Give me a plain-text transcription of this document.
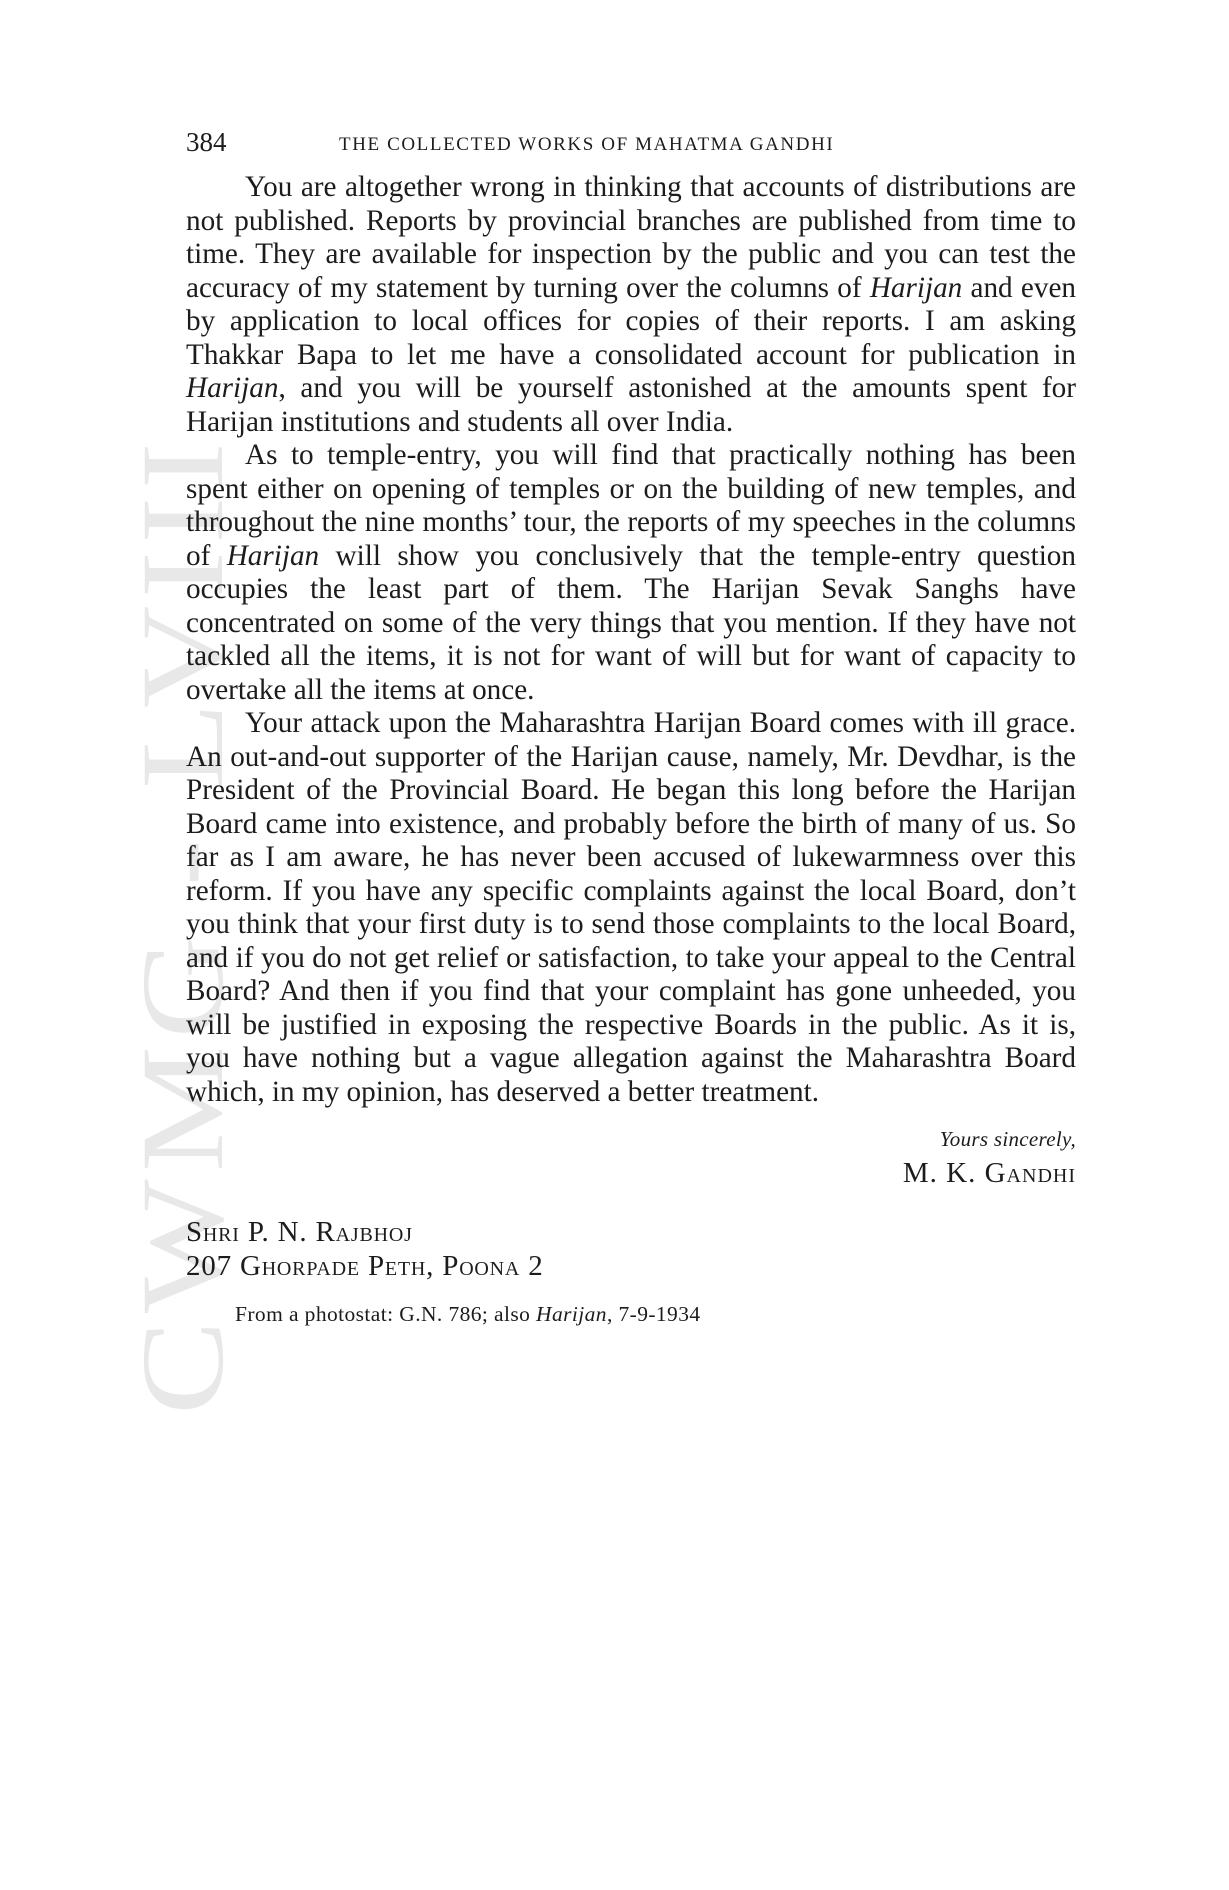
CWMG - LVIII
384	THE COLLECTED WORKS OF MAHATMA GANDHI

You are altogether wrong in thinking that accounts of distributions are not published. Reports by provincial branches are published from time to time. They are available for inspection by the public and you can test the accuracy of my statement by turning over the columns of Harijan and even by application to local offices for copies of their reports. I am asking Thakkar Bapa to let me have a consolidated account for publication in Harijan, and you will be yourself astonished at the amounts spent for Harijan institutions and students all over India.

As to temple-entry, you will find that practically nothing has been spent either on opening of temples or on the building of new temples, and throughout the nine months’ tour, the reports of my speeches in the columns of Harijan will show you conclusively that the temple-entry question occupies the least part of them. The Harijan Sevak Sanghs have concentrated on some of the very things that you mention. If they have not tackled all the items, it is not for want of will but for want of capacity to overtake all the items at once.

Your attack upon the Maharashtra Harijan Board comes with ill grace. An out-and-out supporter of the Harijan cause, namely, Mr. Devdhar, is the President of the Provincial Board. He began this long before the Harijan Board came into existence, and probably before the birth of many of us. So far as I am aware, he has never been accused of lukewarmness over this reform. If you have any specific complaints against the local Board, don’t you think that your first duty is to send those complaints to the local Board, and if you do not get relief or satisfaction, to take your appeal to the Central Board? And then if you find that your complaint has gone unheeded, you will be justified in exposing the respective Boards in the public. As it is, you have nothing but a vague allegation against the Maharashtra Board which, in my opinion, has deserved a better treatment.

Yours sincerely,
M. K. Gandhi
Shri P. N. Rajbhoj
207 Ghorpade Peth, Poona 2
From a photostat: G.N. 786; also Harijan, 7-9-1934
